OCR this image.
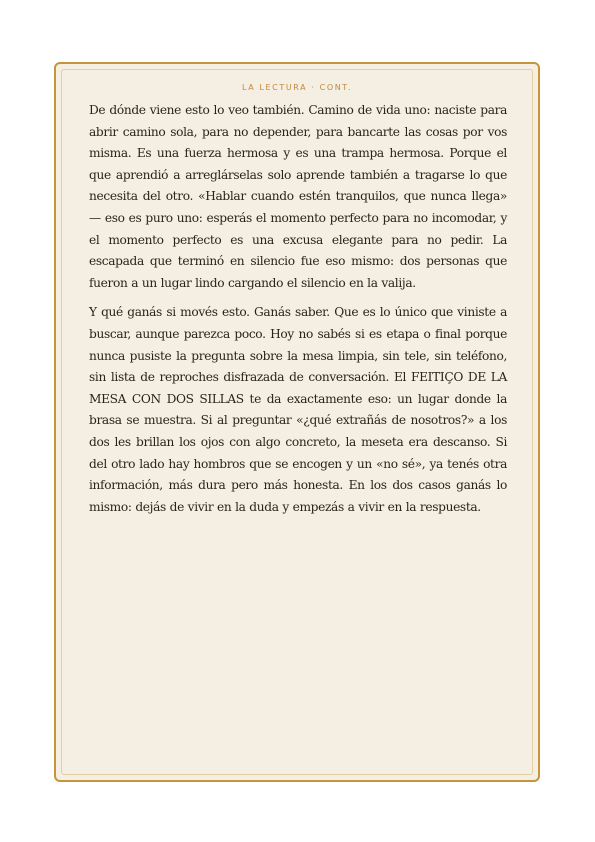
LA LECTURA · CONT.

De dónde viene esto lo veo también. Camino de vida uno: naciste para abrir camino sola, para no depender, para bancarte las cosas por vos misma. Es una fuerza hermosa y es una trampa hermosa. Porque el que aprendió a arreglárselas solo aprende también a tragarse lo que necesita del otro. «Hablar cuando estén tranquilos, que nunca llega» — eso es puro uno: esperás el momento perfecto para no incomodar, y el momento perfecto es una excusa elegante para no pedir. La escapada que terminó en silencio fue eso mismo: dos personas que fueron a un lugar lindo cargando el silencio en la valija.

Y qué ganás si movés esto. Ganás saber. Que es lo único que viniste a buscar, aunque parezca poco. Hoy no sabés si es etapa o final porque nunca pusiste la pregunta sobre la mesa limpia, sin tele, sin teléfono, sin lista de reproches disfrazada de conversación. El FEITIÇO DE LA MESA CON DOS SILLAS te da exactamente eso: un lugar donde la brasa se muestra. Si al preguntar «¿qué extrañás de nosotros?» a los dos les brillan los ojos con algo concreto, la meseta era descanso. Si del otro lado hay hombros que se encogen y un «no sé», ya tenés otra información, más dura pero más honesta. En los dos casos ganás lo mismo: dejás de vivir en la duda y empezás a vivir en la respuesta.
